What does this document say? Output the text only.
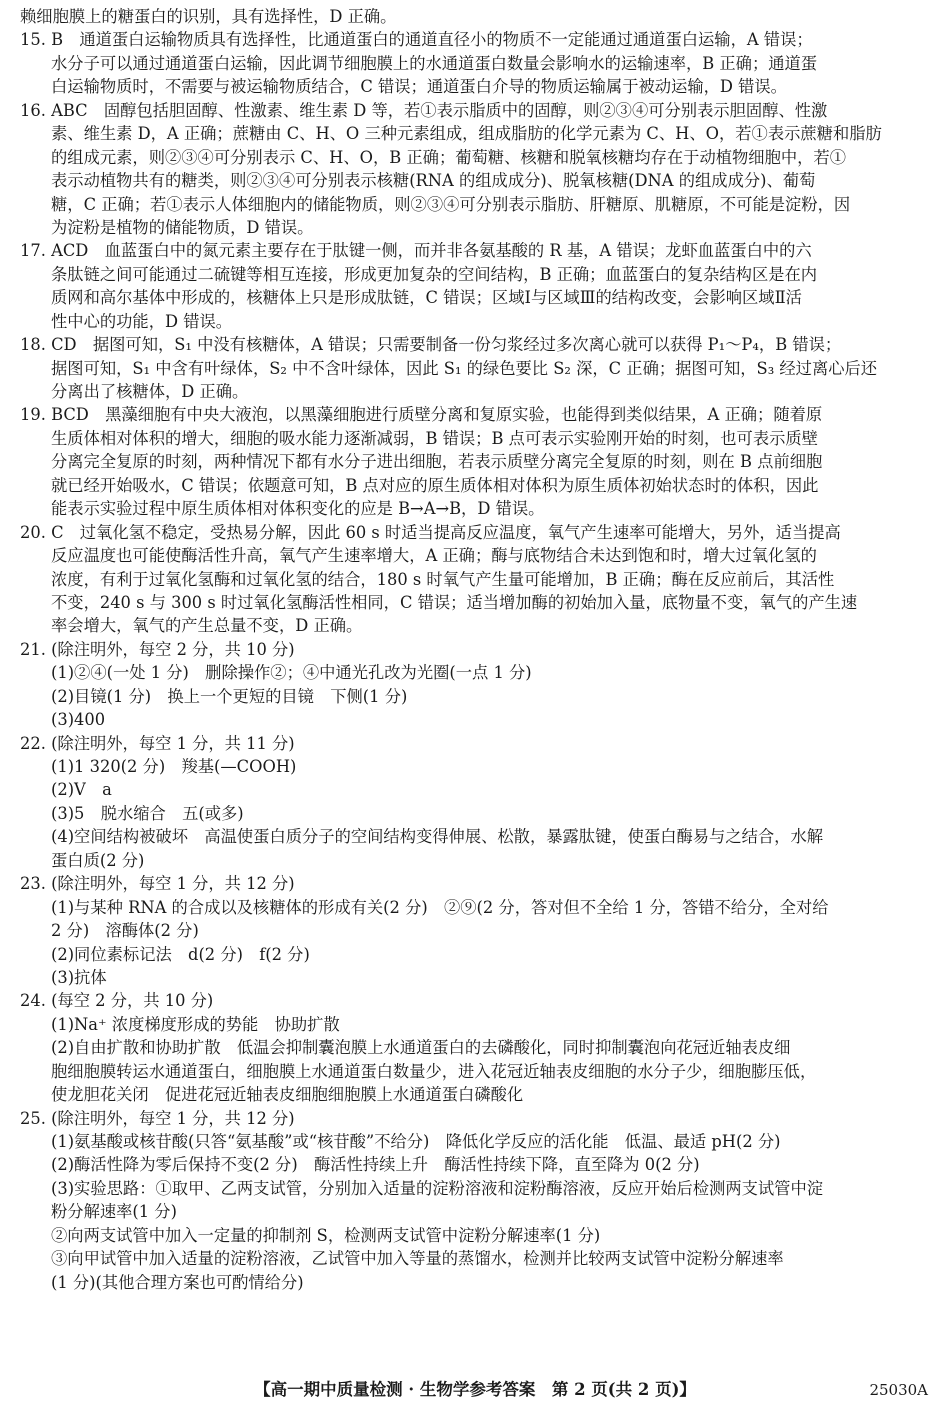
赖细胞膜上的糖蛋白的识别，具有选择性，D 正确。
15. B　通道蛋白运输物质具有选择性，比通道蛋白的通道直径小的物质不一定能通过通道蛋白运输，A 错误；
水分子可以通过通道蛋白运输，因此调节细胞膜上的水通道蛋白数量会影响水的运输速率，B 正确；通道蛋
白运输物质时，不需要与被运输物质结合，C 错误；通道蛋白介导的物质运输属于被动运输，D 错误。
16. ABC　固醇包括胆固醇、性激素、维生素 D 等，若①表示脂质中的固醇，则②③④可分别表示胆固醇、性激
素、维生素 D，A 正确；蔗糖由 C、H、O 三种元素组成，组成脂肪的化学元素为 C、H、O，若①表示蔗糖和脂肪
的组成元素，则②③④可分别表示 C、H、O，B 正确；葡萄糖、核糖和脱氧核糖均存在于动植物细胞中，若①
表示动植物共有的糖类，则②③④可分别表示核糖(RNA 的组成成分)、脱氧核糖(DNA 的组成成分)、葡萄
糖，C 正确；若①表示人体细胞内的储能物质，则②③④可分别表示脂肪、肝糖原、肌糖原，不可能是淀粉，因
为淀粉是植物的储能物质，D 错误。
17. ACD　血蓝蛋白中的氮元素主要存在于肽键一侧，而并非各氨基酸的 R 基，A 错误；龙虾血蓝蛋白中的六
条肽链之间可能通过二硫键等相互连接，形成更加复杂的空间结构，B 正确；血蓝蛋白的复杂结构区是在内
质网和高尔基体中形成的，核糖体上只是形成肽链，C 错误；区域Ⅰ与区域Ⅲ的结构改变，会影响区域Ⅱ活
性中心的功能，D 错误。
18. CD　据图可知，S₁ 中没有核糖体，A 错误；只需要制备一份匀浆经过多次离心就可以获得 P₁～P₄，B 错误；
据图可知，S₁ 中含有叶绿体，S₂ 中不含叶绿体，因此 S₁ 的绿色要比 S₂ 深，C 正确；据图可知，S₃ 经过离心后还
分离出了核糖体，D 正确。
19. BCD　黑藻细胞有中央大液泡，以黑藻细胞进行质壁分离和复原实验，也能得到类似结果，A 正确；随着原
生质体相对体积的增大，细胞的吸水能力逐渐减弱，B 错误；B 点可表示实验刚开始的时刻，也可表示质壁
分离完全复原的时刻，两种情况下都有水分子进出细胞，若表示质壁分离完全复原的时刻，则在 B 点前细胞
就已经开始吸水，C 错误；依题意可知，B 点对应的原生质体相对体积为原生质体初始状态时的体积，因此
能表示实验过程中原生质体相对体积变化的应是 B→A→B，D 错误。
20. C　过氧化氢不稳定，受热易分解，因此 60 s 时适当提高反应温度，氧气产生速率可能增大，另外，适当提高
反应温度也可能使酶活性升高，氧气产生速率增大，A 正确；酶与底物结合未达到饱和时，增大过氧化氢的
浓度，有利于过氧化氢酶和过氧化氢的结合，180 s 时氧气产生量可能增加，B 正确；酶在反应前后，其活性
不变，240 s 与 300 s 时过氧化氢酶活性相同，C 错误；适当增加酶的初始加入量，底物量不变，氧气的产生速
率会增大，氧气的产生总量不变，D 正确。
21. (除注明外，每空 2 分，共 10 分)
(1)②④(一处 1 分)　删除操作②；④中通光孔改为光圈(一点 1 分)
(2)目镜(1 分)　换上一个更短的目镜　下侧(1 分)
(3)400
22. (除注明外，每空 1 分，共 11 分)
(1)1 320(2 分)　羧基(—COOH)
(2)V　a
(3)5　脱水缩合　五(或多)
(4)空间结构被破坏　高温使蛋白质分子的空间结构变得伸展、松散，暴露肽键，使蛋白酶易与之结合，水解
蛋白质(2 分)
23. (除注明外，每空 1 分，共 12 分)
(1)与某种 RNA 的合成以及核糖体的形成有关(2 分)　②⑨(2 分，答对但不全给 1 分，答错不给分，全对给
2 分)　溶酶体(2 分)
(2)同位素标记法　d(2 分)　f(2 分)
(3)抗体
24. (每空 2 分，共 10 分)
(1)Na⁺ 浓度梯度形成的势能　协助扩散
(2)自由扩散和协助扩散　低温会抑制囊泡膜上水通道蛋白的去磷酸化，同时抑制囊泡向花冠近轴表皮细
胞细胞膜转运水通道蛋白，细胞膜上水通道蛋白数量少，进入花冠近轴表皮细胞的水分子少，细胞膨压低，
使龙胆花关闭　促进花冠近轴表皮细胞细胞膜上水通道蛋白磷酸化
25. (除注明外，每空 1 分，共 12 分)
(1)氨基酸或核苷酸(只答“氨基酸”或“核苷酸”不给分)　降低化学反应的活化能　低温、最适 pH(2 分)
(2)酶活性降为零后保持不变(2 分)　酶活性持续上升　酶活性持续下降，直至降为 0(2 分)
(3)实验思路：①取甲、乙两支试管，分别加入适量的淀粉溶液和淀粉酶溶液，反应开始后检测两支试管中淀
粉分解速率(1 分)
②向两支试管中加入一定量的抑制剂 S，检测两支试管中淀粉分解速率(1 分)
③向甲试管中加入适量的淀粉溶液，乙试管中加入等量的蒸馏水，检测并比较两支试管中淀粉分解速率
(1 分)(其他合理方案也可酌情给分)
【高一期中质量检测 · 生物学参考答案　第 2 页(共 2 页)】	25030A
